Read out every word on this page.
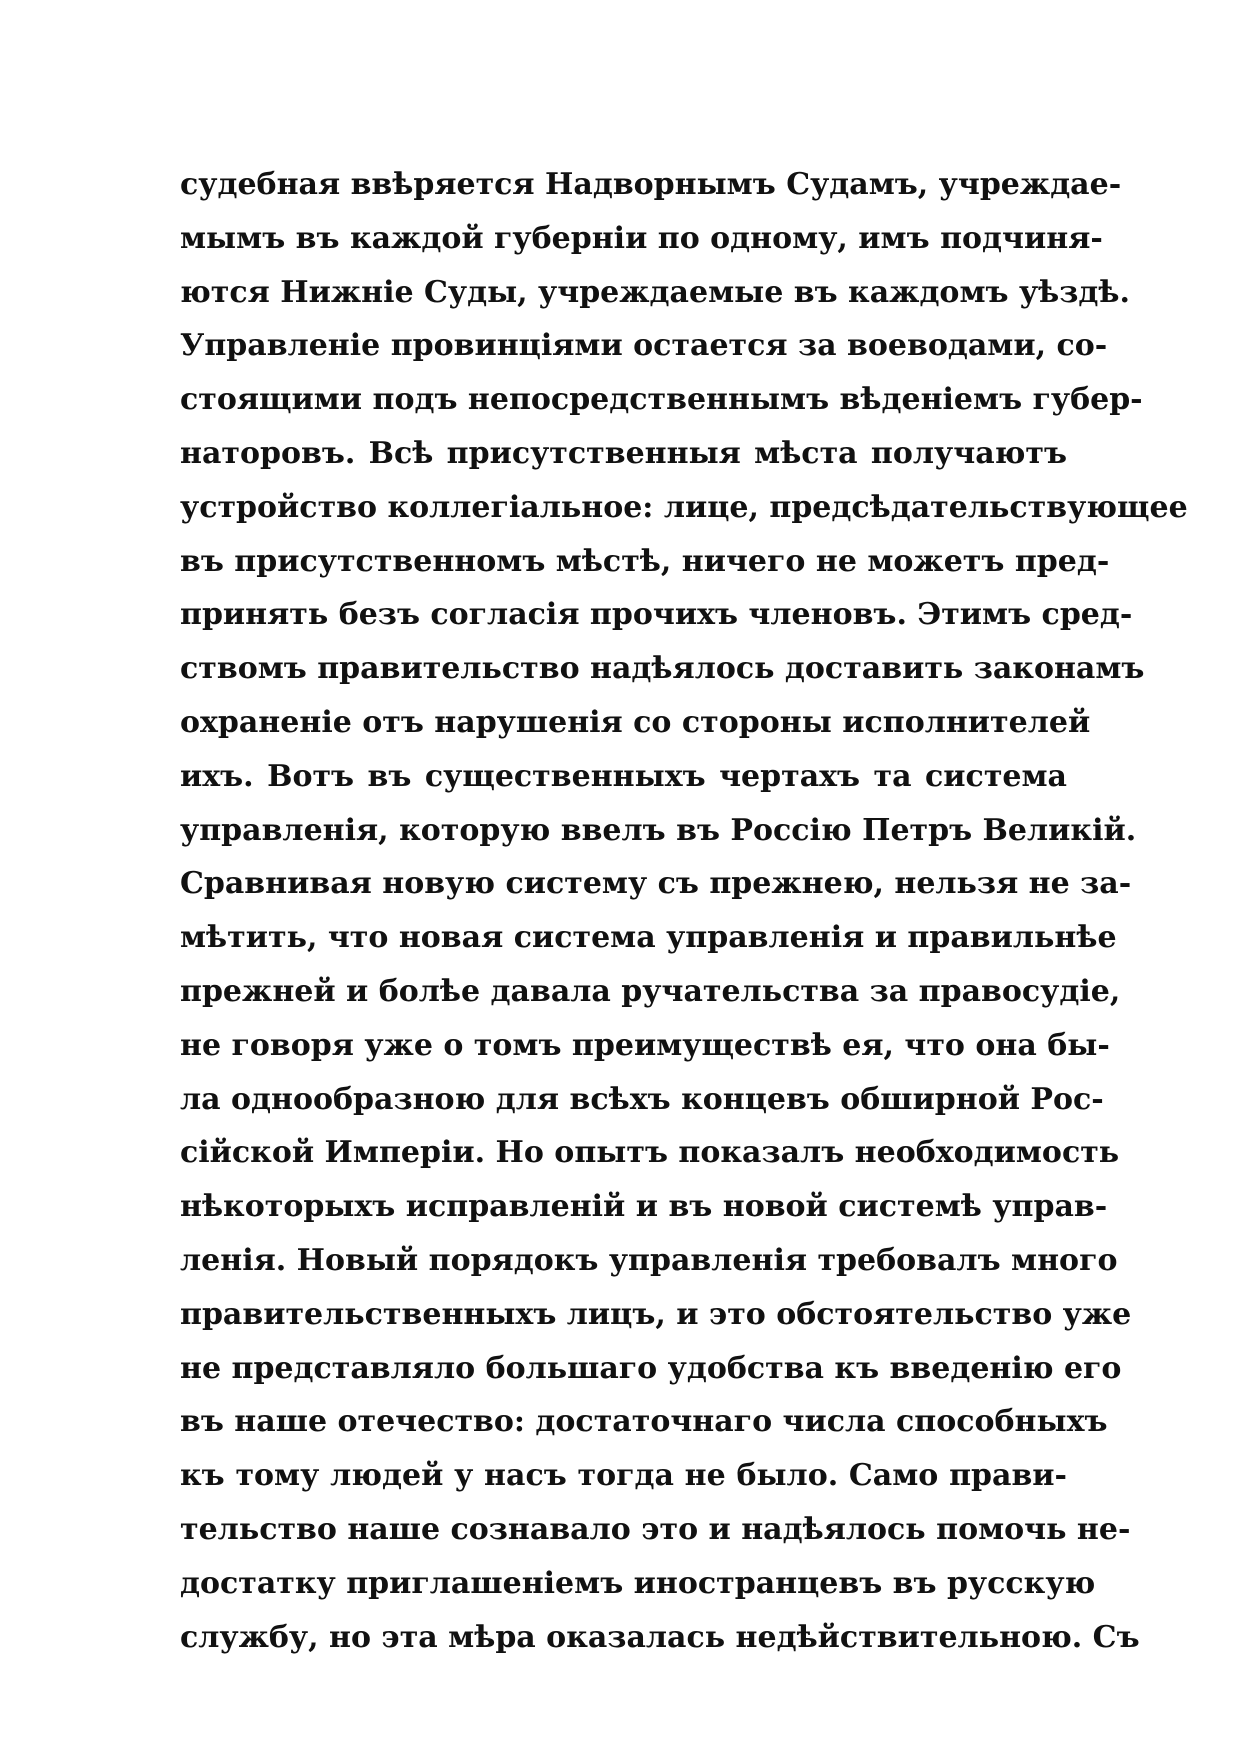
судебная ввѣряется Надворнымъ Судамъ, учреждае-
мымъ въ каждой губерніи по одному, имъ подчиня-
ются Нижніе Суды, учреждаемые въ каждомъ уѣздѣ.
Управленіе провинціями остается за воеводами, со-
стоящими подъ непосредственнымъ вѣденіемъ губер-
наторовъ. Всѣ присутственныя мѣста получаютъ
устройство коллегіальное: лице, предсѣдательствующее
въ присутственномъ мѣстѣ, ничего не можетъ пред-
принять безъ согласія прочихъ членовъ. Этимъ сред-
ствомъ правительство надѣялось доставить законамъ
охраненіе отъ нарушенія со стороны исполнителей
ихъ. Вотъ въ существенныхъ чертахъ та система
управленія, которую ввелъ въ Россію Петръ Великій.
Сравнивая новую систему съ прежнею, нельзя не за-
мѣтить, что новая система управленія и правильнѣе
прежней и болѣе давала ручательства за правосудіе,
не говоря уже о томъ преимуществѣ ея, что она бы-
ла однообразною для всѣхъ концевъ обширной Рос-
сійской Имперіи. Но опытъ показалъ необходимость
нѣкоторыхъ исправленій и въ новой системѣ управ-
ленія. Новый порядокъ управленія требовалъ много
правительственныхъ лицъ, и это обстоятельство уже
не представляло большаго удобства къ введенію его
въ наше отечество: достаточнаго числа способныхъ
къ тому людей у насъ тогда не было. Само прави-
тельство наше сознавало это и надѣялось помочь не-
достатку приглашеніемъ иностранцевъ въ русскую
службу, но эта мѣра оказалась недѣйствительною. Съ
